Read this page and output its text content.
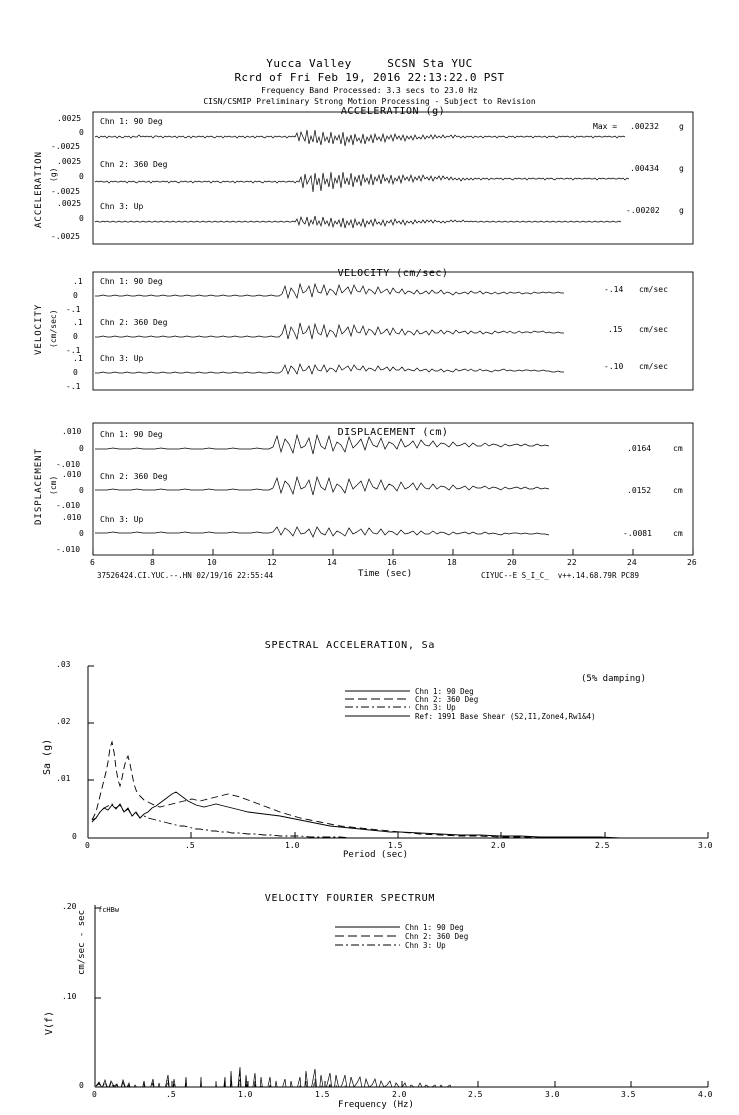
Yucca Valley     SCSN Sta YUC
Rcrd of Fri Feb 19, 2016 22:13:22.0 PST
Frequency Band Processed: 3.3 secs to 23.0 Hz
CISN/CSMIP Preliminary Strong Motion Processing - Subject to Revision
ACCELERATION (g)
ACCELERATION (g)
.0025
0
-.0025
.0025
0
-.0025
.0025
0
-.0025
Chn 1: 90 Deg
Chn 2: 360 Deg
Chn 3: Up
Max = .00232	g
.00434	g
-.00202 g
VELOCITY (cm/sec)
VELOCITY (cm/sec)
.1
0
-.1
.1
0
-.1
.1
0
-.1
Chn 1: 90 Deg
Chn 2: 360 Deg
Chn 3: Up
-.14 cm/sec
.15 cm/sec
-.10 cm/sec
DISPLACEMENT (cm)
DISPLACEMENT (cm)
.010
0
-.010
.010
0
-.010
.010
0
-.010
Chn 1: 90 Deg
Chn 2: 360 Deg
Chn 3: Up
.0164	cm
.0152	cm
-.0081	cm
6	8	10	12	14	16	18	20	22	24	26
37526424.CI.YUC.--.HN 02/19/16 22:55:44	Time (sec)	CIYUC--E S_I_C_  v++.14.68.79R PC89
SPECTRAL ACCELERATION, Sa
Sa (g)
.03
.02
.01
0
0	.5	1.0	1.5	2.0	2.5	3.0
Period (sec)
(5% damping)
Chn 1: 90 Deg
Chn 2: 360 Deg
Chn 3: Up
Ref: 1991 Base Shear (S2,I1,Zone4,Rw1&4)
VELOCITY FOURIER SPECTRUM
fcHBw
cm/sec - sec
V(f)
.20
.10
0
0	.5	1.0	1.5	2.0	2.5	3.0	3.5	4.0
Frequency (Hz)
Chn 1: 90 Deg
Chn 2: 360 Deg
Chn 3: Up
